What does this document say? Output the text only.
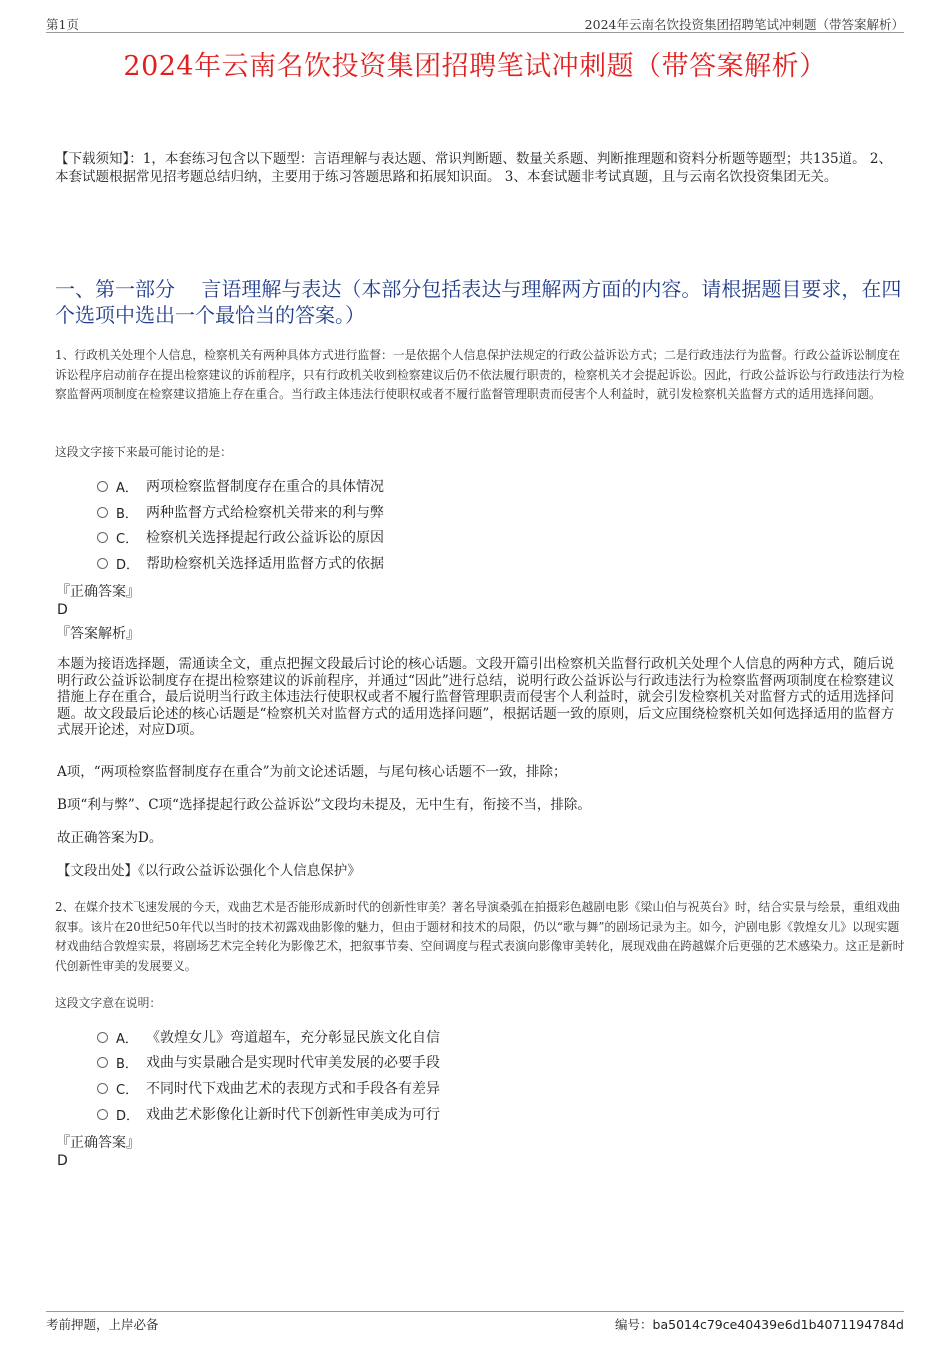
第1页	2024年云南名饮投资集团招聘笔试冲刺题（带答案解析）
2024年云南名饮投资集团招聘笔试冲刺题（带答案解析）
【下载须知】：1，本套练习包含以下题型：言语理解与表达题、常识判断题、数量关系题、判断推理题和资料分析题等题型；共135道。 2、本套试题根据常见招考题总结归纳，主要用于练习答题思路和拓展知识面。 3、本套试题非考试真题，且与云南名饮投资集团无关。
一、第一部分　 言语理解与表达（本部分包括表达与理解两方面的内容。请根据题目要求，在四个选项中选出一个最恰当的答案。）
1、行政机关处理个人信息，检察机关有两种具体方式进行监督：一是依据个人信息保护法规定的行政公益诉讼方式；二是行政违法行为监督。行政公益诉讼制度在诉讼程序启动前存在提出检察建议的诉前程序，只有行政机关收到检察建议后仍不依法履行职责的，检察机关才会提起诉讼。因此，行政公益诉讼与行政违法行为检察监督两项制度在检察建议措施上存在重合。当行政主体违法行使职权或者不履行监督管理职责而侵害个人利益时，就引发检察机关监督方式的适用选择问题。
这段文字接下来最可能讨论的是：
A． 两项检察监督制度存在重合的具体情况
B． 两种监督方式给检察机关带来的利与弊
C． 检察机关选择提起行政公益诉讼的原因
D． 帮助检察机关选择适用监督方式的依据
『正确答案』
D
『答案解析』
本题为接语选择题，需通读全文，重点把握文段最后讨论的核心话题。文段开篇引出检察机关监督行政机关处理个人信息的两种方式，随后说明行政公益诉讼制度存在提出检察建议的诉前程序，并通过“因此”进行总结，说明行政公益诉讼与行政违法行为检察监督两项制度在检察建议措施上存在重合，最后说明当行政主体违法行使职权或者不履行监督管理职责而侵害个人利益时，就会引发检察机关对监督方式的适用选择问题。故文段最后论述的核心话题是“检察机关对监督方式的适用选择问题”，根据话题一致的原则，后文应围绕检察机关如何选择适用的监督方式展开论述，对应D项。
A项，“两项检察监督制度存在重合”为前文论述话题，与尾句核心话题不一致，排除；
B项“利与弊”、C项“选择提起行政公益诉讼”文段均未提及，无中生有，衔接不当，排除。
故正确答案为D。
【文段出处】《以行政公益诉讼强化个人信息保护》
2、在媒介技术飞速发展的今天，戏曲艺术是否能形成新时代的创新性审美？著名导演桑弧在拍摄彩色越剧电影《梁山伯与祝英台》时，结合实景与绘景，重组戏曲叙事。该片在20世纪50年代以当时的技术初露戏曲影像的魅力，但由于题材和技术的局限，仍以“歌与舞”的剧场记录为主。如今，沪剧电影《敦煌女儿》以现实题材戏曲结合敦煌实景，将剧场艺术完全转化为影像艺术，把叙事节奏、空间调度与程式表演向影像审美转化，展现戏曲在跨越媒介后更强的艺术感染力。这正是新时代创新性审美的发展要义。
这段文字意在说明：
A． 《敦煌女儿》弯道超车，充分彰显民族文化自信
B． 戏曲与实景融合是实现时代审美发展的必要手段
C． 不同时代下戏曲艺术的表现方式和手段各有差异
D． 戏曲艺术影像化让新时代下创新性审美成为可行
『正确答案』
D
考前押题，上岸必备	编号：ba5014c79ce40439e6d1b4071194784d
